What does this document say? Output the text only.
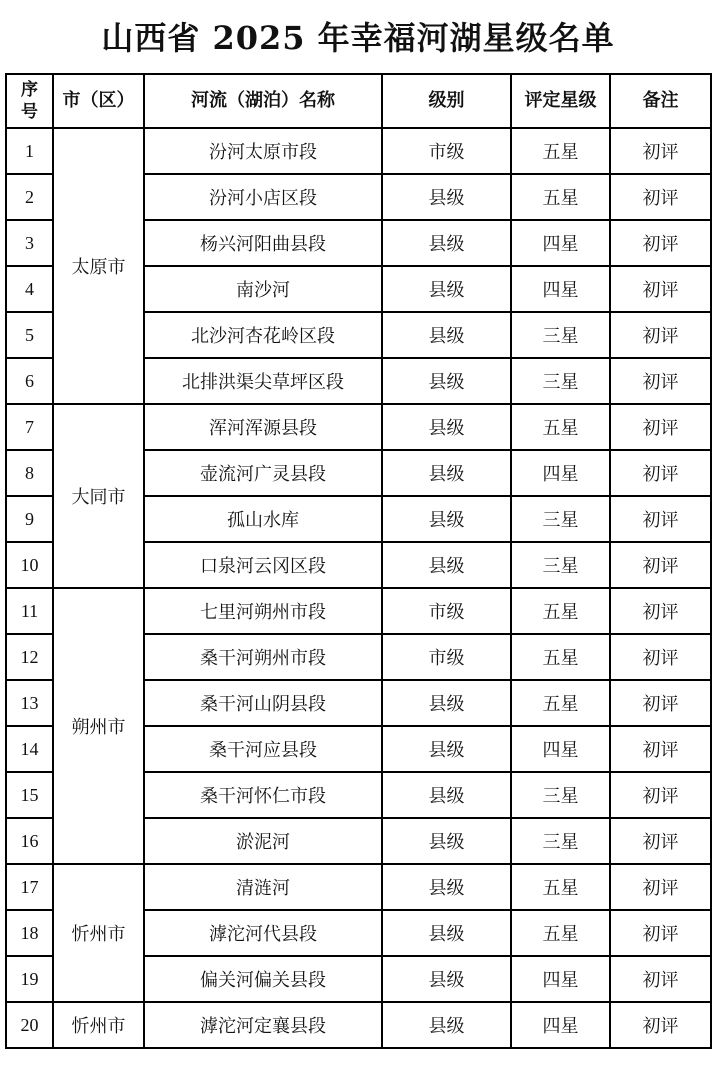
山西省 2025 年幸福河湖星级名单
序号	市（区）	河流（湖泊）名称	级别	评定星级	备注
1	太原市	汾河太原市段	市级	五星	初评
2		汾河小店区段	县级	五星	初评
3		杨兴河阳曲县段	县级	四星	初评
4		南沙河	县级	四星	初评
5		北沙河杏花岭区段	县级	三星	初评
6		北排洪渠尖草坪区段	县级	三星	初评
7	大同市	浑河浑源县段	县级	五星	初评
8		壶流河广灵县段	县级	四星	初评
9		孤山水库	县级	三星	初评
10		口泉河云冈区段	县级	三星	初评
11	朔州市	七里河朔州市段	市级	五星	初评
12		桑干河朔州市段	市级	五星	初评
13		桑干河山阴县段	县级	五星	初评
14		桑干河应县段	县级	四星	初评
15		桑干河怀仁市段	县级	三星	初评
16		淤泥河	县级	三星	初评
17	忻州市	清涟河	县级	五星	初评
18		滹沱河代县段	县级	五星	初评
19		偏关河偏关县段	县级	四星	初评
20	忻州市	滹沱河定襄县段	县级	四星	初评
